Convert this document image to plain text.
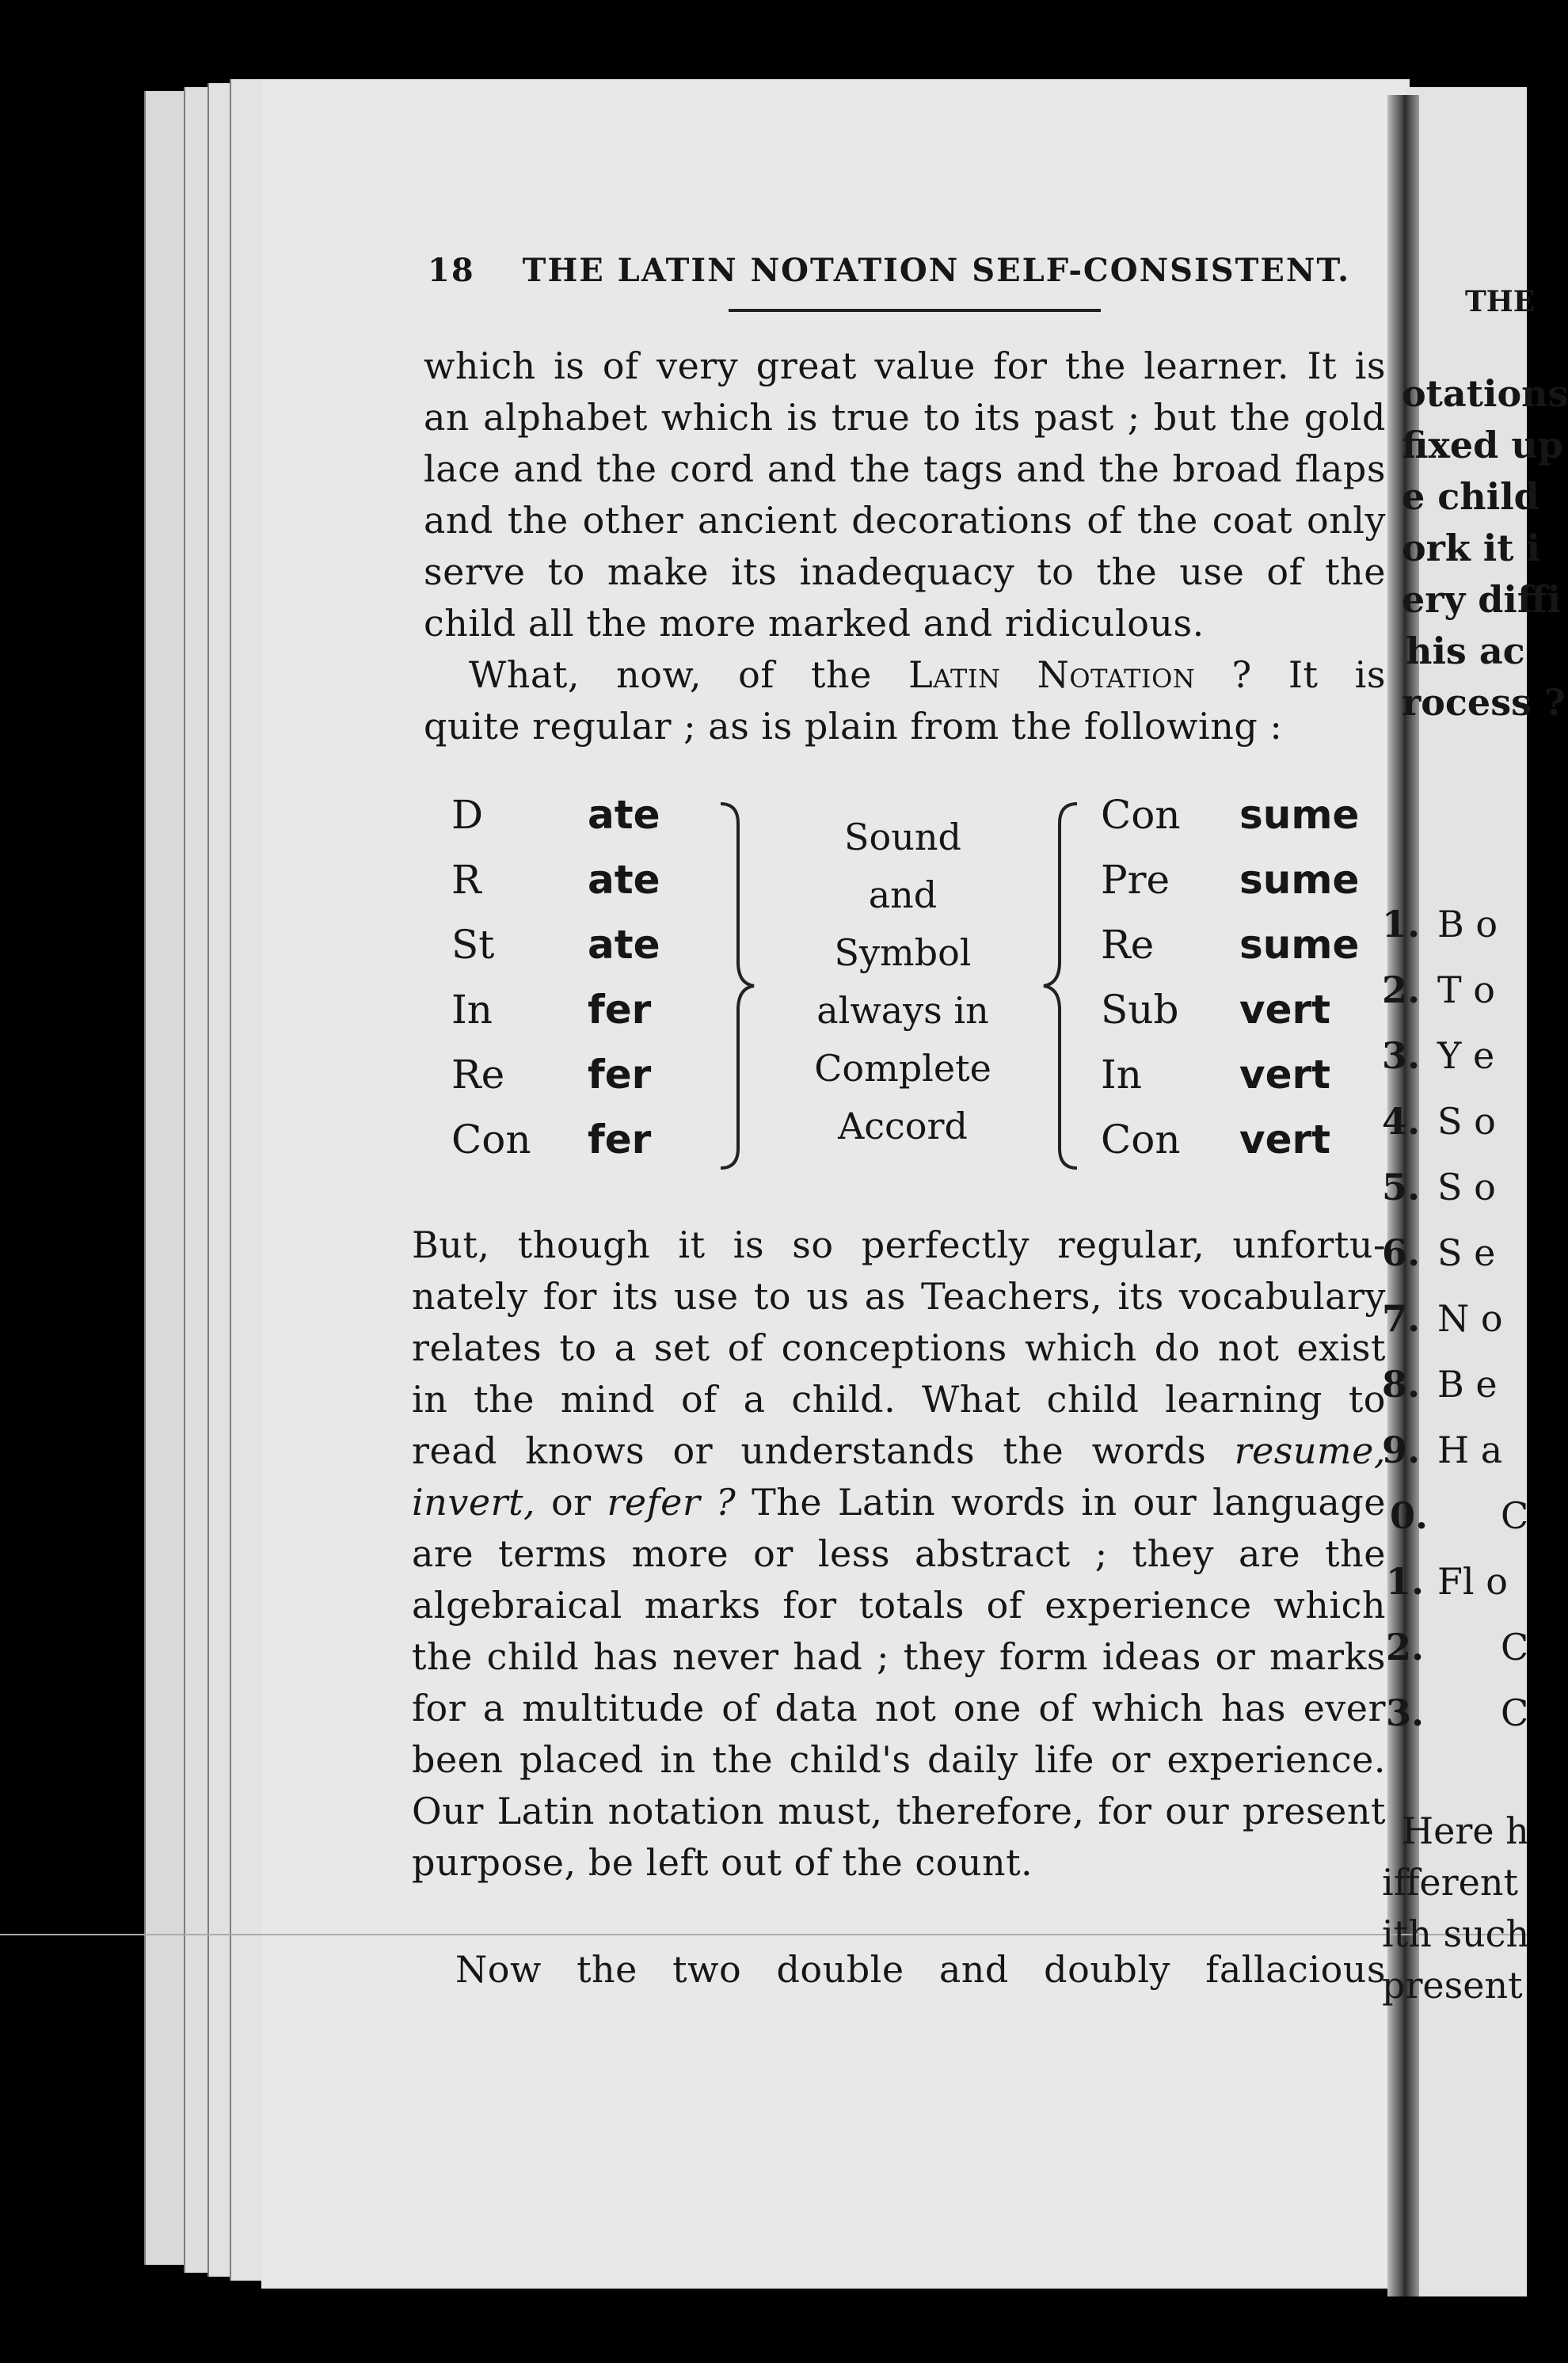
18 THE LATIN NOTATION SELF-CONSISTENT.
which is of very great value for the learner. It is
an alphabet which is true to its past ; but the gold
lace and the cord and the tags and the broad flaps
and the other ancient decorations of the coat only
serve to make its inadequacy to the use of the
child all the more marked and ridiculous.
What, now, of the Latin Notation ? It is
quite regular ; as is plain from the following :
D
R
St
In
Re
Con
ate
ate
ate
fer
fer
fer
Sound
and
Symbol
always in
Complete
Accord
Con
Pre
Re
Sub
In
Con
sume
sume
sume
vert
vert
vert
But, though it is so perfectly regular, unfortu-
nately for its use to us as Teachers, its vocabulary
relates to a set of conceptions which do not exist
in the mind of a child. What child learning to
read knows or understands the words resume,
invert, or refer ? The Latin words in our language
are terms more or less abstract ; they are the
algebraical marks for totals of experience which
the child has never had ; they form ideas or marks
for a multitude of data not one of which has ever
been placed in the child's daily life or experience.
Our Latin notation must, therefore, for our present
purpose, be left out of the count.
Now the two double and doubly fallacious
THE
otations
fixed up
e child
ork it i
ery diffi
his ac
rocess ?
1.
2.
3.
4.
5.
6.
7.
8.
9.
0.
1.
2.
3.
B o
T o
Y e
S o
S o
S e
N o
B e
H a
C
Fl o
C
C
Here h
ifferent
ith such
present
